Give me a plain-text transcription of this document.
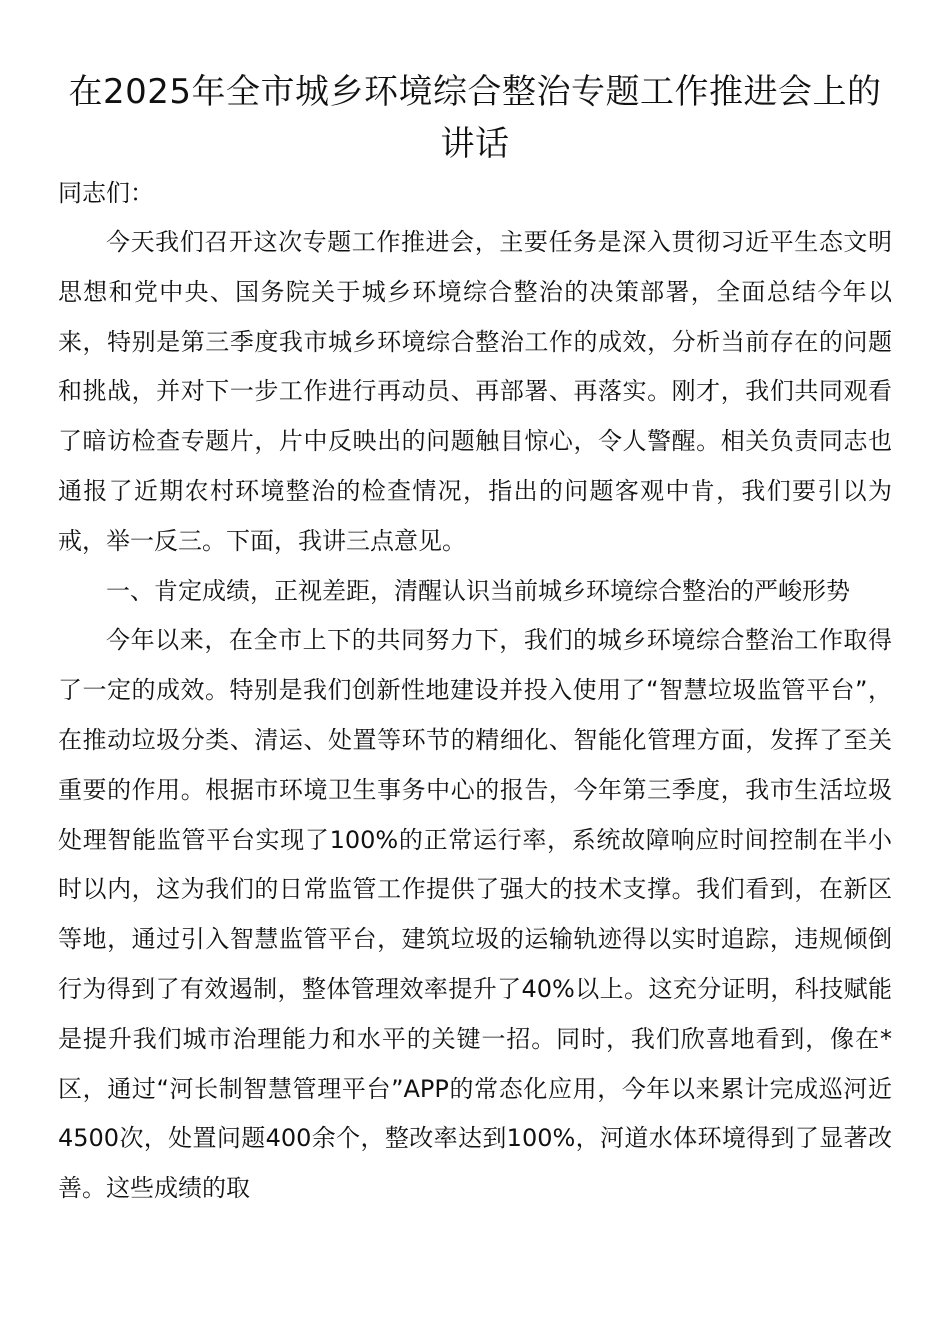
在2025年全市城乡环境综合整治专题工作推进会上的讲话

同志们：

今天我们召开这次专题工作推进会，主要任务是深入贯彻习近平生态文明思想和党中央、国务院关于城乡环境综合整治的决策部署，全面总结今年以来，特别是第三季度我市城乡环境综合整治工作的成效，分析当前存在的问题和挑战，并对下一步工作进行再动员、再部署、再落实。刚才，我们共同观看了暗访检查专题片，片中反映出的问题触目惊心，令人警醒。相关负责同志也通报了近期农村环境整治的检查情况，指出的问题客观中肯，我们要引以为戒，举一反三。下面，我讲三点意见。

一、肯定成绩，正视差距，清醒认识当前城乡环境综合整治的严峻形势

今年以来，在全市上下的共同努力下，我们的城乡环境综合整治工作取得了一定的成效。特别是我们创新性地建设并投入使用了“智慧垃圾监管平台”，在推动垃圾分类、清运、处置等环节的精细化、智能化管理方面，发挥了至关重要的作用。根据市环境卫生事务中心的报告，今年第三季度，我市生活垃圾处理智能监管平台实现了100%的正常运行率，系统故障响应时间控制在半小时以内，这为我们的日常监管工作提供了强大的技术支撑。我们看到，在新区等地，通过引入智慧监管平台，建筑垃圾的运输轨迹得以实时追踪，违规倾倒行为得到了有效遏制，整体管理效率提升了40%以上。这充分证明，科技赋能是提升我们城市治理能力和水平的关键一招。同时，我们欣喜地看到，像在*区，通过“河长制智慧管理平台”APP的常态化应用，今年以来累计完成巡河近4500次，处置问题400余个，整改率达到100%，河道水体环境得到了显著改善。这些成绩的取
